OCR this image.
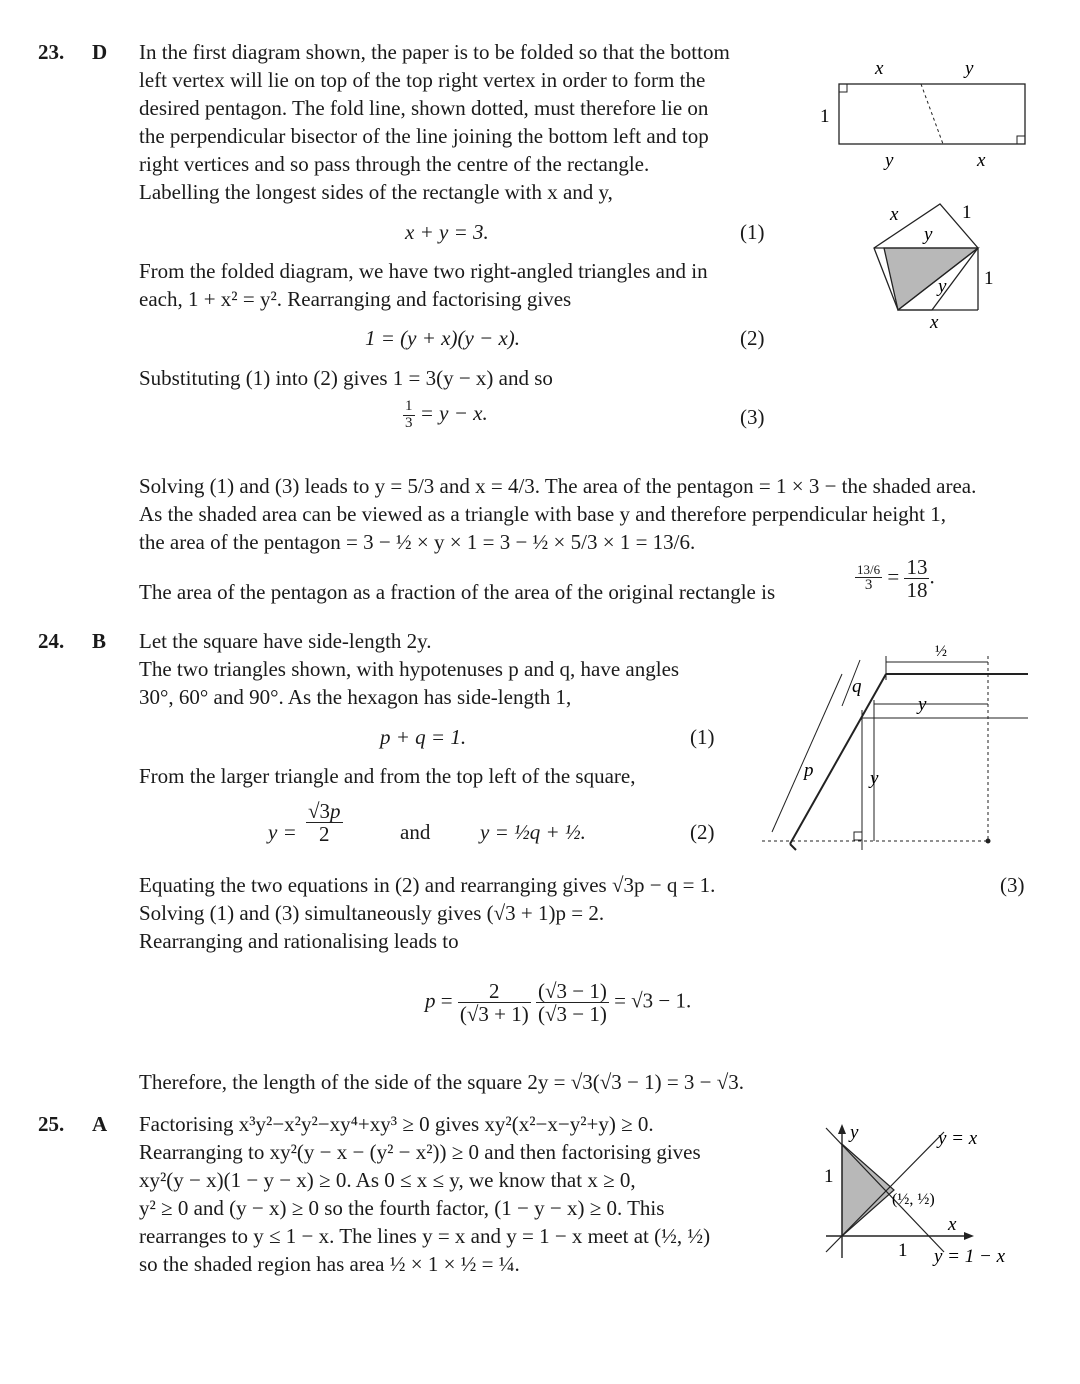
23. D In the first diagram shown, the paper is to be folded so that the bottom
left vertex will lie on top of the top right vertex in order to form the
desired pentagon. The fold line, shown dotted, must therefore lie on
the perpendicular bisector of the line joining the bottom left and top
right vertices and so pass through the centre of the rectangle.
Labelling the longest sides of the rectangle with x and y,
x + y = 3.	(1)
From the folded diagram, we have two right-angled triangles and in
each, 1 + x² = y². Rearranging and factorising gives
1 = (y + x)(y − x).	(2)
Substituting (1) into (2) gives 1 = 3(y − x) and so
$\frac{1}{3} = y - x$.	(3)
Solving (1) and (3) leads to y = 5/3 and x = 4/3. The area of the pentagon = 1 × 3 − the shaded area.
As the shaded area can be viewed as a triangle with base y and therefore perpendicular height 1,
the area of the pentagon = 3 − ½ × y × 1 = 3 − ½ × 5/3 × 1 = 13/6.
The area of the pentagon as a fraction of the area of the original rectangle is	$\frac{13/6}{3} = \frac{13}{18}$ .
x	y
1
y	x
x	1
y
y 1
x
24. B Let the square have side-length 2y.
The two triangles shown, with hypotenuses p and q, have angles
30°, 60° and 90°. As the hexagon has side-length 1,
p + q = 1.	(1)
From the larger triangle and from the top left of the square,
$y = \frac{√3p}{2}$	and y = ½q + ½.	(2)
Equating the two equations in (2) and rearranging gives √3p − q = 1.
Solving (1) and (3) simultaneously gives (√3 + 1)p = 2.
Rearranging and rationalising leads to
(3)
$p = \frac{2}{(√3 + 1)}$
$\frac{(√3 - 1)}{(√3 - 1)} = √3 - 1$.
Therefore, the length of the side of the square 2y = √3(√3 − 1) = 3 − √3.
½
q
y
p	y
25. A Factorising x³y²−x²y²−xy⁴+xy³ ≥ 0 gives xy²(x²−x−y²+y) ≥ 0.
Rearranging to xy²(y − x − (y² − x²)) ≥ 0 and then factorising gives
xy²(y − x)(1 − y − x) ≥ 0. As 0 ≤ x ≤ y, we know that x ≥ 0,
y² ≥ 0 and (y − x) ≥ 0 so the fourth factor, (1 − y − x) ≥ 0. This
rearranges to y ≤ 1 − x. The lines y = x and y = 1 − x meet at (½, ½)
so the shaded region has area ½ × 1 × ½ = ¼.
y	y = x
1
(½, ½)
x
1 y = 1 − x
